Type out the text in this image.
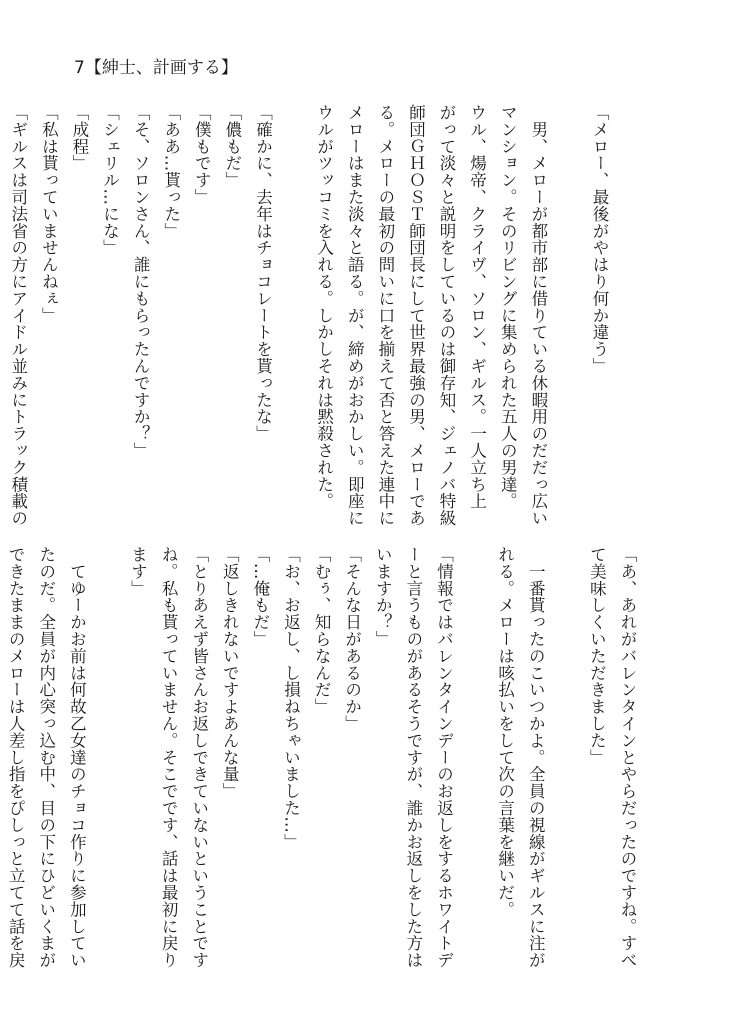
7【紳士、計画する】
「メロー、最後がやはり何か違う」
　男、メローが都市部に借りている休暇用のだだっ広い
マンション。そのリビングに集められた五人の男達。
ウル、煬帝、クライヴ、ソロン、ギルス。一人立ち上
がって淡々と説明をしているのは御存知、ジェノバ特級
師団ＧＨＯＳＴ師団長にして世界最強の男、メローであ
る。メローの最初の問いに口を揃えて否と答えた連中に
メローはまた淡々と語る。が、締めがおかしい。即座に
ウルがツッコミを入れる。しかしそれは黙殺された。
「確かに、去年はチョコレートを貰ったな」
「儂もだ」
「僕もです」
「ああ…貰った」
「そ、ソロンさん、誰にもらったんですか？」
「シェリル…にな」
「成程」
「私は貰っていませんねぇ」
「ギルスは司法省の方にアイドル並みにトラック積載の
「あ、あれがバレンタインとやらだったのですね。すべ
て美味しくいただきました」
　一番貰ったのこいつかよ。全員の視線がギルスに注が
れる。メローは咳払いをして次の言葉を継いだ。
「情報ではバレンタインデーのお返しをするホワイトデ
ーと言うものがあるそうですが、誰かお返しをした方は
いますか？」
「そんな日があるのか」
「むぅ、知らなんだ」
「お、お返し、し損ねちゃいました…」
「…俺もだ」
「返しきれないですよあんな量」
「とりあえず皆さんお返しできていないということです
ね。私も貰っていません。そこでです、話は最初に戻り
ます」
　てゆーかお前は何故乙女達のチョコ作りに参加してい
たのだ。全員が内心突っ込む中、目の下にひどいくまが
できたままのメローは人差し指をぴしっと立てて話を戻
